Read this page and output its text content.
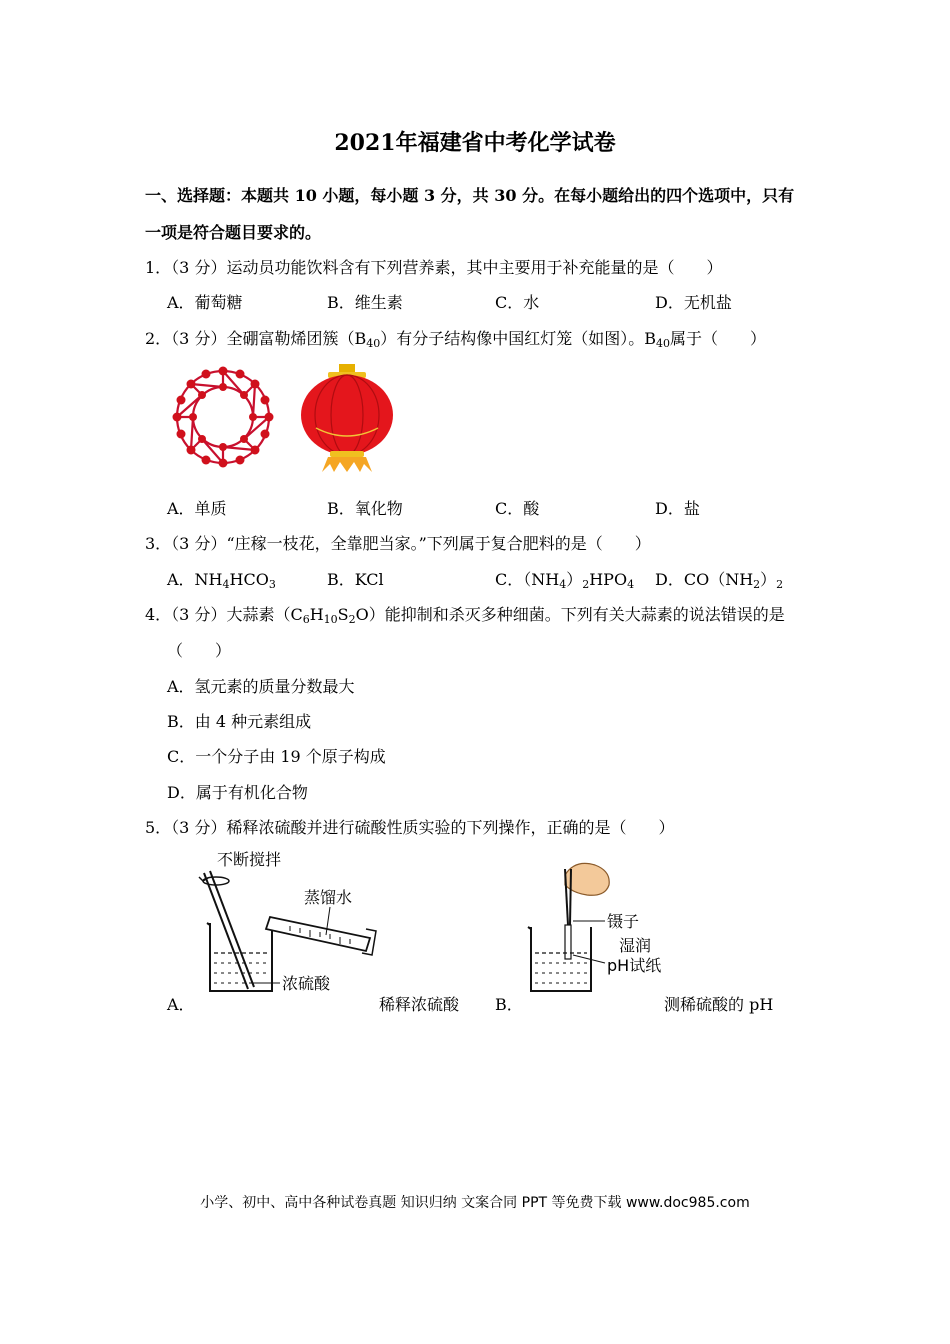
2021年福建省中考化学试卷
一、选择题：本题共 10 小题，每小题 3 分，共 30 分。在每小题给出的四个选项中，只有
一项是符合题目要求的。
1．（3 分）运动员功能饮料含有下列营养素，其中主要用于补充能量的是（　　）
A．葡萄糖	B．维生素	C．水	D．无机盐
2．（3 分）全硼富勒烯团簇$(B_{40})$有分子结构像中国红灯笼（如图）。$B_{40}$属于（　　）
A．单质	B．氧化物	C．酸	D．盐
3．（3 分）“庄稼一枝花，全靠肥当家。”下列属于复合肥料的是（　　）
A．$NH_4HCO_3$	B．KCl	C．$(NH_4)_2HPO_4$ D．$CO(NH_2)_2$
4．（3 分）大蒜素$(C_6H_{10}S_2O)$能抑制和杀灭多种细菌。下列有关大蒜素的说法错误的是
（　　）
A．氢元素的质量分数最大
B．由 4 种元素组成
C．一个分子由 19 个原子构成
D．属于有机化合物
5．（3 分）稀释浓硫酸并进行硫酸性质实验的下列操作，正确的是（　　）
不断搅拌
蒸馏水
浓硫酸
A．	稀释浓硫酸
镊子
湿润
pH试纸
B．	测稀硫酸的 pH
小学、初中、高中各种试卷真题 知识归纳 文案合同 PPT 等免费下载 www.doc985.com
